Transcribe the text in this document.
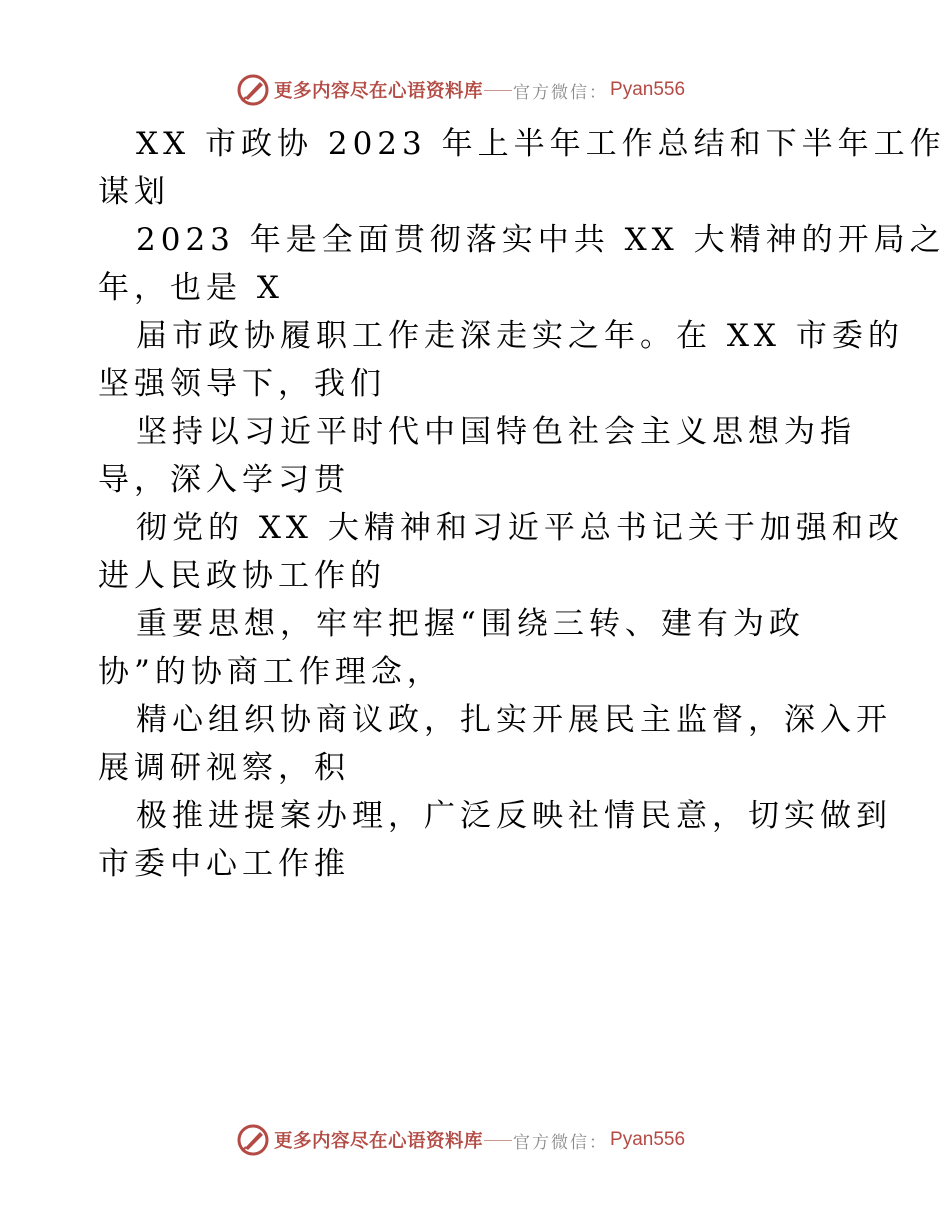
更多内容尽在心语资料库 官方微信： Pyan556
XX 市政协 2023 年上半年工作总结和下半年工作
谋划
2023 年是全面贯彻落实中共 XX 大精神的开局之
年，也是 X
届市政协履职工作走深走实之年。在 XX 市委的
坚强领导下，我们
坚持以习近平时代中国特色社会主义思想为指
导，深入学习贯
彻党的 XX 大精神和习近平总书记关于加强和改
进人民政协工作的
重要思想，牢牢把握“围绕三转、建有为政
协”的协商工作理念，
精心组织协商议政，扎实开展民主监督，深入开
展调研视察，积
极推进提案办理，广泛反映社情民意，切实做到
市委中心工作推
更多内容尽在心语资料库 官方微信： Pyan556
